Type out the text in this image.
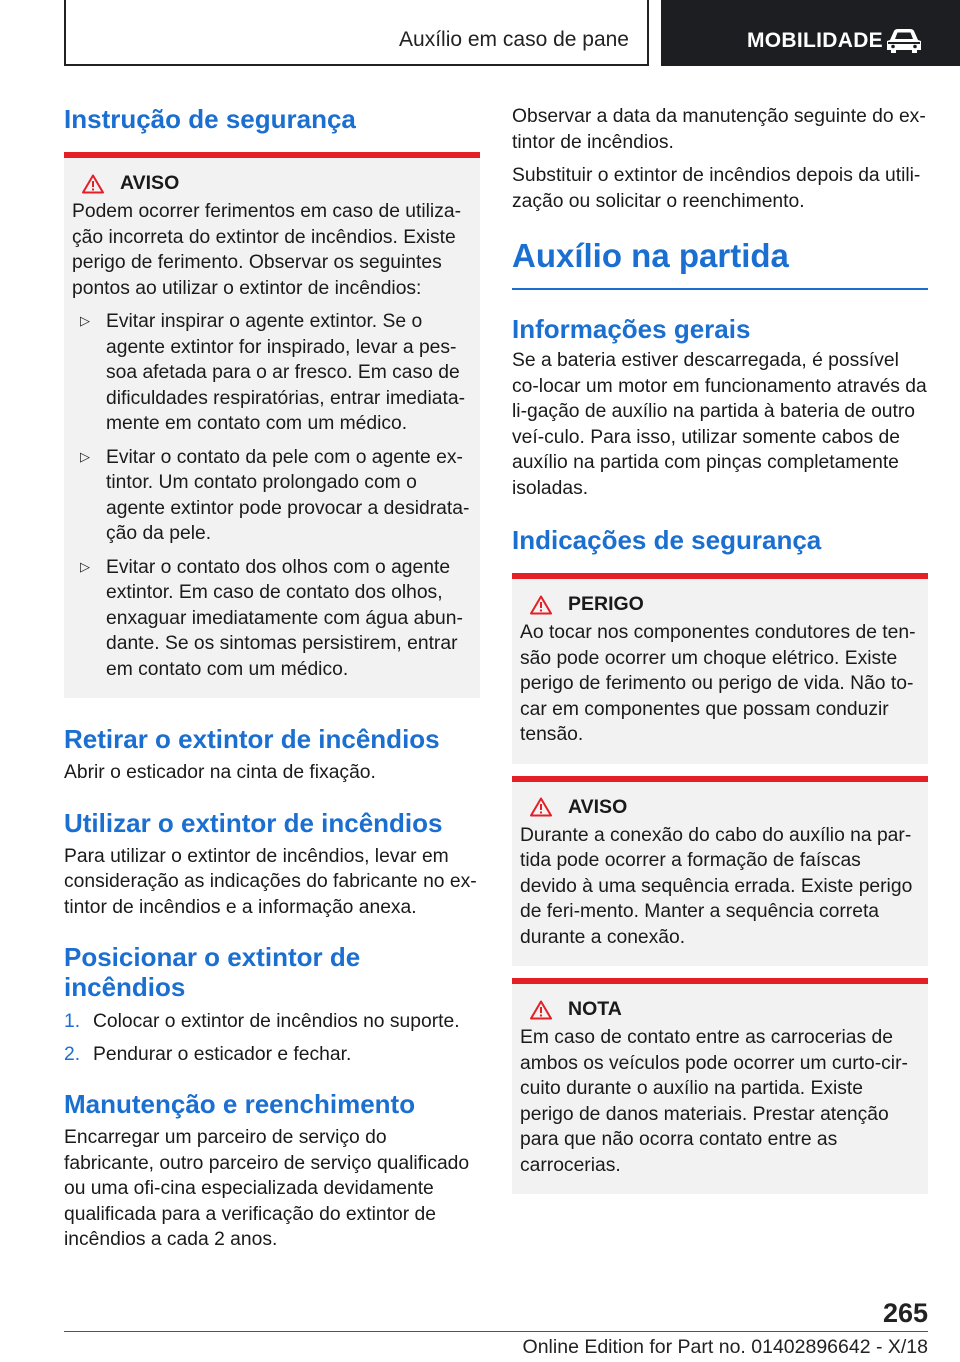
Auxílio em caso de pane	MOBILIDADE
Instrução de segurança
AVISO

Podem ocorrer ferimentos em caso de utiliza-ção incorreta do extintor de incêndios. Existe perigo de ferimento. Observar os seguintes pontos ao utilizar o extintor de incêndios:

▷ Evitar inspirar o agente extintor. Se o agente extintor for inspirado, levar a pes-soa afetada para o ar fresco. Em caso de dificuldades respiratórias, entrar imediata-mente em contato com um médico.
▷ Evitar o contato da pele com o agente ex-tintor. Um contato prolongado com o agente extintor pode provocar a desidrata-ção da pele.
▷ Evitar o contato dos olhos com o agente extintor. Em caso de contato dos olhos, enxaguar imediatamente com água abun-dante. Se os sintomas persistirem, entrar em contato com um médico.
Retirar o extintor de incêndios

Abrir o esticador na cinta de fixação.

Utilizar o extintor de incêndios

Para utilizar o extintor de incêndios, levar em consideração as indicações do fabricante no ex-tintor de incêndios e a informação anexa.

Posicionar o extintor de incêndios
1. Colocar o extintor de incêndios no suporte.
2. Pendurar o esticador e fechar.
Manutenção e reenchimento

Encarregar um parceiro de serviço do fabricante, outro parceiro de serviço qualificado ou uma ofi-cina especializada devidamente qualificada para a verificação do extintor de incêndios a cada 2 anos.

Observar a data da manutenção seguinte do ex-tintor de incêndios.

Substituir o extintor de incêndios depois da utili-zação ou solicitar o reenchimento.

Auxílio na partida
Informações gerais

Se a bateria estiver descarregada, é possível co-locar um motor em funcionamento através da li-gação de auxílio na partida à bateria de outro veí-culo. Para isso, utilizar somente cabos de auxílio na partida com pinças completamente isoladas.

Indicações de segurança
PERIGO

Ao tocar nos componentes condutores de ten-são pode ocorrer um choque elétrico. Existe perigo de ferimento ou perigo de vida. Não to-car em componentes que possam conduzir tensão.

AVISO

Durante a conexão do cabo do auxílio na par-tida pode ocorrer a formação de faíscas devido à uma sequência errada. Existe perigo de feri-mento. Manter a sequência correta durante a conexão.

NOTA

Em caso de contato entre as carrocerias de ambos os veículos pode ocorrer um curto-cir-cuito durante o auxílio na partida. Existe perigo de danos materiais. Prestar atenção para que não ocorra contato entre as carrocerias.

265
Online Edition for Part no. 01402896642 - X/18
